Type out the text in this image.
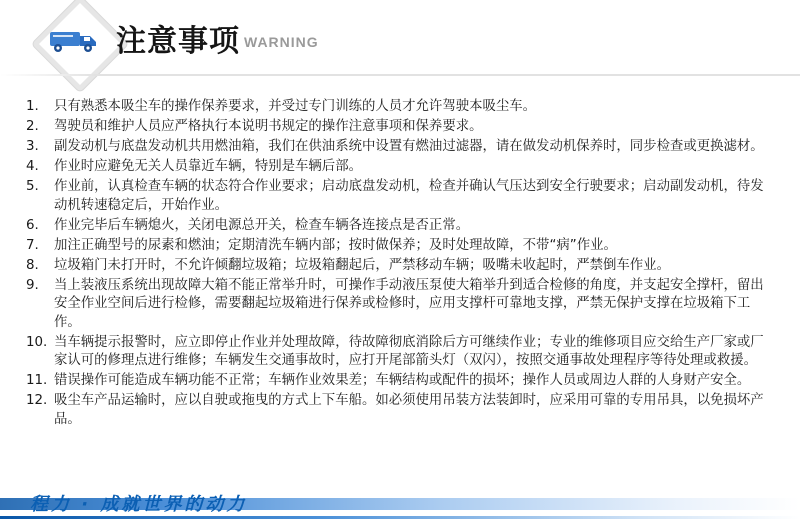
注意事项 WARNING
1.	只有熟悉本吸尘车的操作保养要求，并受过专门训练的人员才允许驾驶本吸尘车。
2.	驾驶员和维护人员应严格执行本说明书规定的操作注意事项和保养要求。
3.	副发动机与底盘发动机共用燃油箱，我们在供油系统中设置有燃油过滤器，请在做发动机保养时，同步检查或更换滤材。
4.	作业时应避免无关人员靠近车辆，特别是车辆后部。
5.	作业前，认真检查车辆的状态符合作业要求；启动底盘发动机，检查并确认气压达到安全行驶要求；启动副发动机，待发动机转速稳定后，开始作业。
6.	作业完毕后车辆熄火，关闭电源总开关，检查车辆各连接点是否正常。
7.	加注正确型号的尿素和燃油；定期清洗车辆内部；按时做保养；及时处理故障，不带“病”作业。
8.	垃圾箱门未打开时，不允许倾翻垃圾箱；垃圾箱翻起后，严禁移动车辆；吸嘴未收起时，严禁倒车作业。
9.	当上装液压系统出现故障大箱不能正常举升时，可操作手动液压泵使大箱举升到适合检修的角度，并支起安全撑杆，留出安全作业空间后进行检修，需要翻起垃圾箱进行保养或检修时，应用支撑杆可靠地支撑，严禁无保护支撑在垃圾箱下工作。
10. 当车辆提示报警时，应立即停止作业并处理故障，待故障彻底消除后方可继续作业；专业的维修项目应交给生产厂家或厂家认可的修理点进行维修；车辆发生交通事故时，应打开尾部箭头灯（双闪），按照交通事故处理程序等待处理或救援。
11. 错误操作可能造成车辆功能不正常；车辆作业效果差；车辆结构或配件的损坏；操作人员或周边人群的人身财产安全。
12. 吸尘车产品运输时，应以自驶或拖曳的方式上下车船。如必须使用吊装方法装卸时，应采用可靠的专用吊具，以免损坏产品。
程力 · 成就世界的动力
